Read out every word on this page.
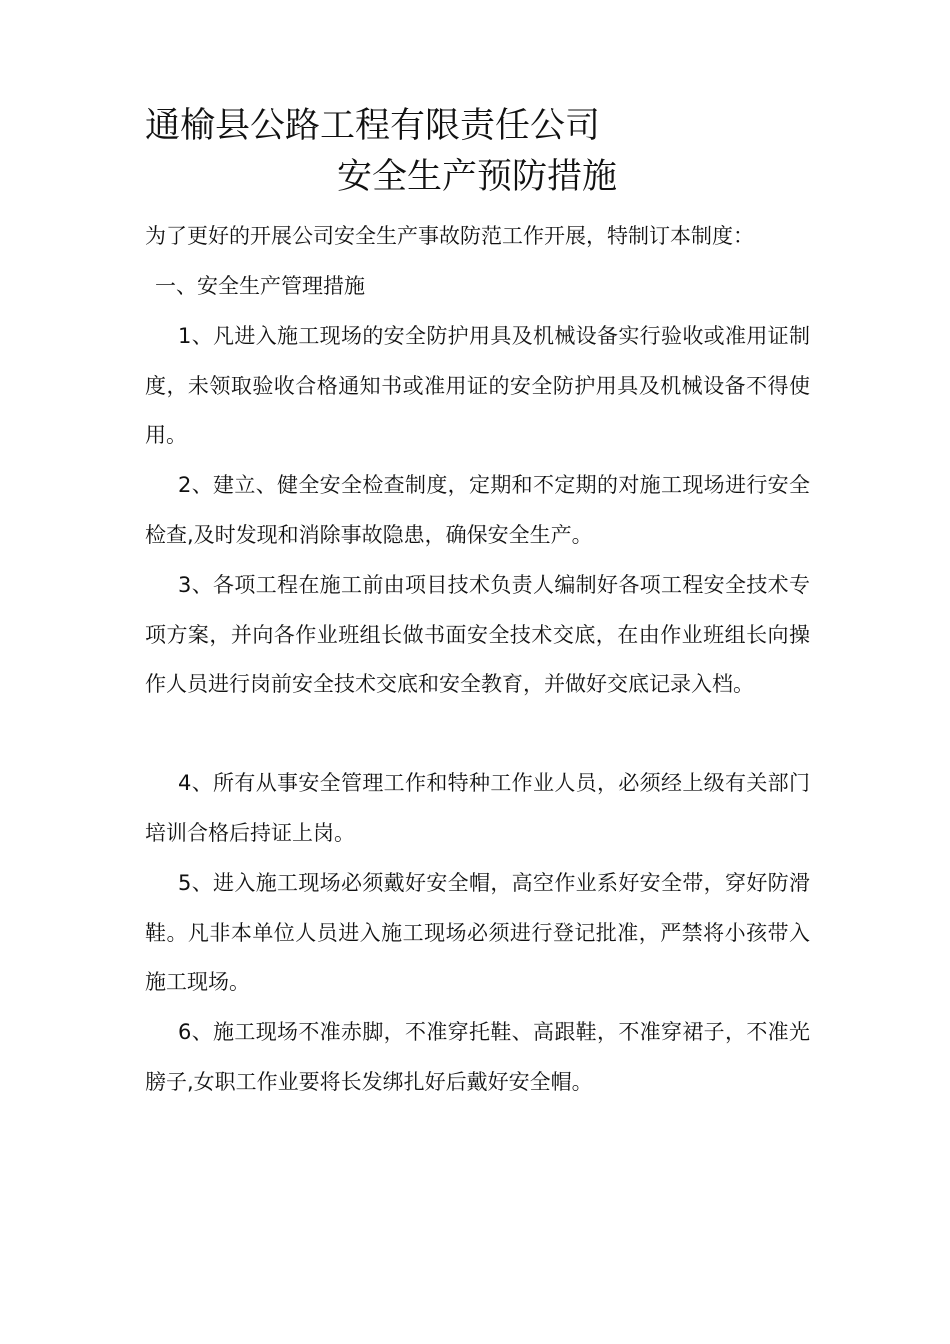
通榆县公路工程有限责任公司
安全生产预防措施
为了更好的开展公司安全生产事故防范工作开展，特制订本制度：
一、安全生产管理措施
1、凡进入施工现场的安全防护用具及机械设备实行验收或准用证制度，未领取验收合格通知书或准用证的安全防护用具及机械设备不得使用。
2、建立、健全安全检查制度，定期和不定期的对施工现场进行安全检查,及时发现和消除事故隐患，确保安全生产。
3、各项工程在施工前由项目技术负责人编制好各项工程安全技术专项方案，并向各作业班组长做书面安全技术交底，在由作业班组长向操作人员进行岗前安全技术交底和安全教育，并做好交底记录入档。
4、所有从事安全管理工作和特种工作业人员，必须经上级有关部门培训合格后持证上岗。
5、进入施工现场必须戴好安全帽，高空作业系好安全带，穿好防滑鞋。凡非本单位人员进入施工现场必须进行登记批准，严禁将小孩带入施工现场。
6、施工现场不准赤脚，不准穿托鞋、高跟鞋，不准穿裙子，不准光膀子,女职工作业要将长发绑扎好后戴好安全帽。
